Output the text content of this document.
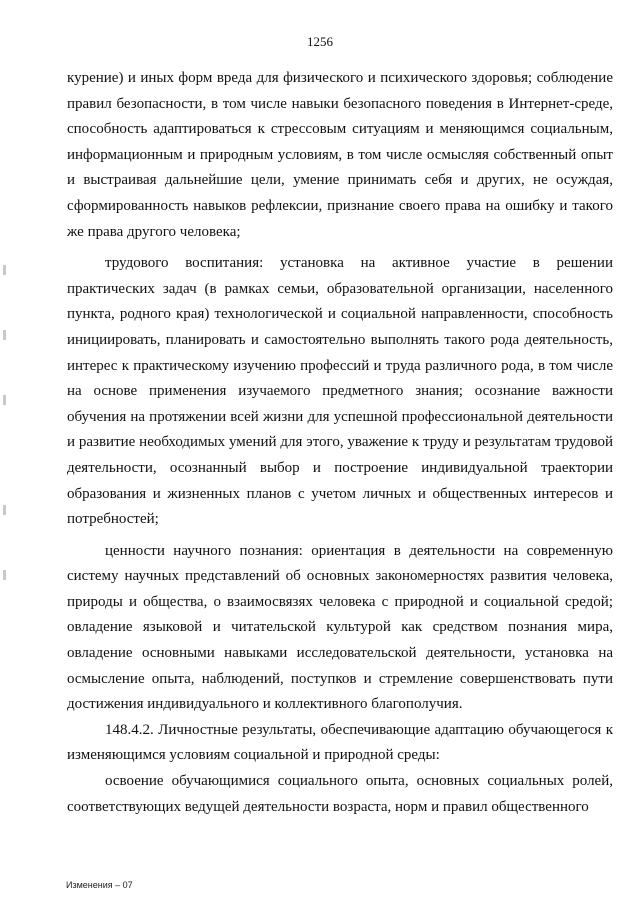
1256

курение) и иных форм вреда для физического и психического здоровья; соблюдение правил безопасности, в том числе навыки безопасного поведения в Интернет-среде, способность адаптироваться к стрессовым ситуациям и меняющимся социальным, информационным и природным условиям, в том числе осмысляя собственный опыт и выстраивая дальнейшие цели, умение принимать себя и других, не осуждая, сформированность навыков рефлексии, признание своего права на ошибку и такого же права другого человека;

трудового воспитания: установка на активное участие в решении практических задач (в рамках семьи, образовательной организации, населенного пункта, родного края) технологической и социальной направленности, способность инициировать, планировать и самостоятельно выполнять такого рода деятельность, интерес к практическому изучению профессий и труда различного рода, в том числе на основе применения изучаемого предметного знания; осознание важности обучения на протяжении всей жизни для успешной профессиональной деятельности и развитие необходимых умений для этого, уважение к труду и результатам трудовой деятельности, осознанный выбор и построение индивидуальной траектории образования и жизненных планов с учетом личных и общественных интересов и потребностей;

ценности научного познания: ориентация в деятельности на современную систему научных представлений об основных закономерностях развития человека, природы и общества, о взаимосвязях человека с природной и социальной средой; овладение языковой и читательской культурой как средством познания мира, овладение основными навыками исследовательской деятельности, установка на осмысление опыта, наблюдений, поступков и стремление совершенствовать пути достижения индивидуального и коллективного благополучия.

148.4.2. Личностные результаты, обеспечивающие адаптацию обучающегося к изменяющимся условиям социальной и природной среды:

освоение обучающимися социального опыта, основных социальных ролей, соответствующих ведущей деятельности возраста, норм и правил общественного

Изменения – 07
